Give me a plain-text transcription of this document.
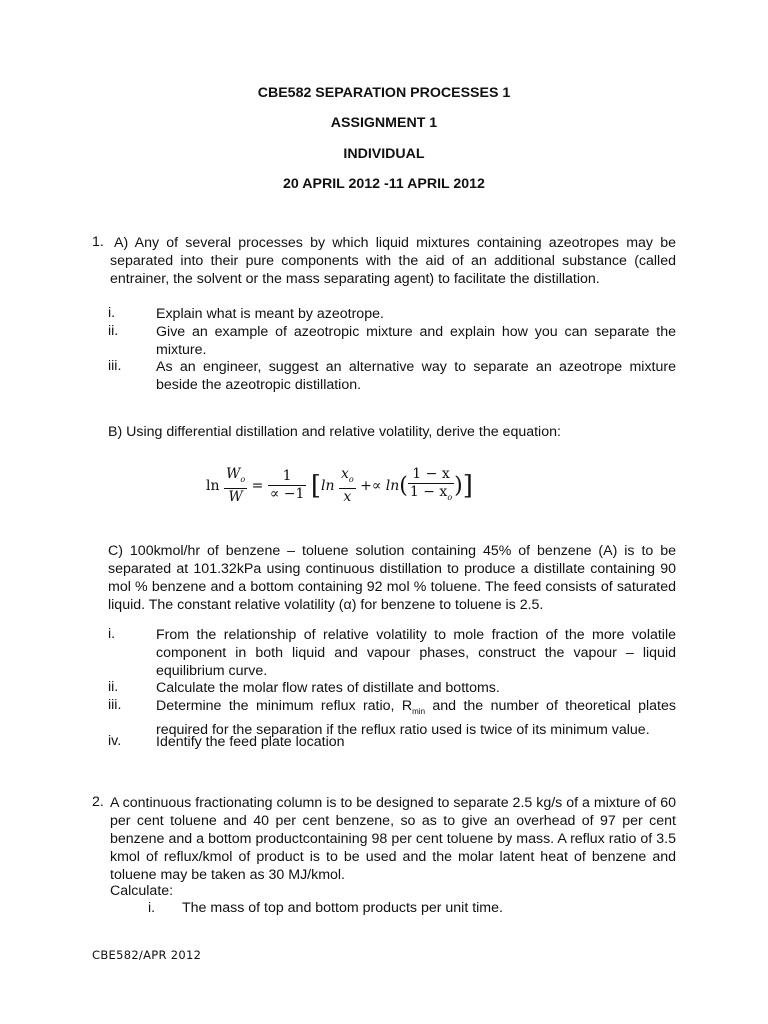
CBE582 SEPARATION PROCESSES 1
ASSIGNMENT 1
INDIVIDUAL
20 APRIL 2012 -11 APRIL 2012
1. A) Any of several processes by which liquid mixtures containing azeotropes may be separated into their pure components with the aid of an additional substance (called entrainer, the solvent or the mass separating agent) to facilitate the distillation.
i.	Explain what is meant by azeotrope.
ii.	Give an example of azeotropic mixture and explain how you can separate the mixture.
iii. As an engineer, suggest an alternative way to separate an azeotrope mixture beside the azeotropic distillation.
B) Using differential distillation and relative volatility, derive the equation:
$\ln \frac{W_o}{W} = \frac{1}{\propto -1} [\ln \frac{x_o}{x} +\propto \ln( \frac{1 - x}{1 - x_o}$ )]
C) 100kmol/hr of benzene – toluene solution containing 45% of benzene (A) is to be separated at 101.32kPa using continuous distillation to produce a distillate containing 90 mol % benzene and a bottom containing 92 mol % toluene. The feed consists of saturated liquid. The constant relative volatility (α) for benzene to toluene is 2.5.
i.	From the relationship of relative volatility to mole fraction of the more volatile component in both liquid and vapour phases, construct the vapour – liquid equilibrium curve.
ii.	Calculate the molar flow rates of distillate and bottoms.
iii. Determine the minimum reflux ratio, $R_{min}$ and the number of theoretical plates required for the separation if the reflux ratio used is twice of its minimum value.
iv. Identify the feed plate location
2. A continuous fractionating column is to be designed to separate 2.5 kg/s of a mixture of 60 per cent toluene and 40 per cent benzene, so as to give an overhead of 97 per cent benzene and a bottom productcontaining 98 per cent toluene by mass. A reflux ratio of 3.5 kmol of reflux/kmol of product is to be used and the molar latent heat of benzene and toluene may be taken as 30 MJ/kmol.
Calculate:
i. The mass of top and bottom products per unit time.
CBE582/APR 2012
